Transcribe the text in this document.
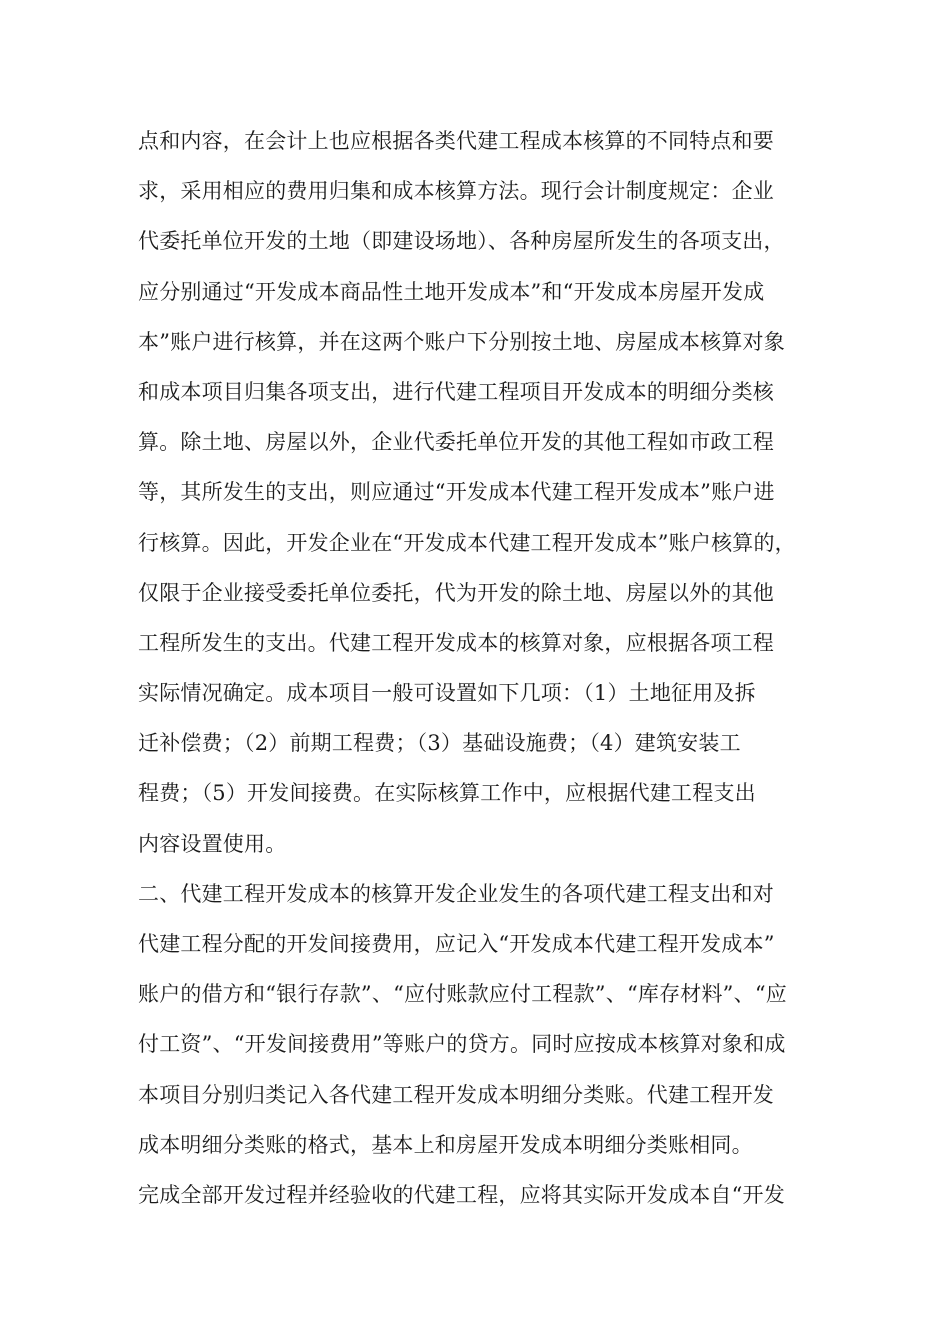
点和内容，在会计上也应根据各类代建工程成本核算的不同特点和要
求，采用相应的费用归集和成本核算方法。现行会计制度规定：企业
代委托单位开发的土地（即建设场地）、各种房屋所发生的各项支出，
应分别通过“开发成本商品性土地开发成本”和“开发成本房屋开发成
本”账户进行核算，并在这两个账户下分别按土地、房屋成本核算对象
和成本项目归集各项支出，进行代建工程项目开发成本的明细分类核
算。除土地、房屋以外，企业代委托单位开发的其他工程如市政工程
等，其所发生的支出，则应通过“开发成本代建工程开发成本”账户进
行核算。因此，开发企业在“开发成本代建工程开发成本”账户核算的，
仅限于企业接受委托单位委托，代为开发的除土地、房屋以外的其他
工程所发生的支出。代建工程开发成本的核算对象，应根据各项工程
实际情况确定。成本项目一般可设置如下几项：（1）土地征用及拆
迁补偿费；（2）前期工程费；（3）基础设施费；（4）建筑安装工
程费；（5）开发间接费。在实际核算工作中，应根据代建工程支出
内容设置使用。
二、代建工程开发成本的核算开发企业发生的各项代建工程支出和对
代建工程分配的开发间接费用，应记入“开发成本代建工程开发成本”
账户的借方和“银行存款”、“应付账款应付工程款”、“库存材料”、“应
付工资”、“开发间接费用”等账户的贷方。同时应按成本核算对象和成
本项目分别归类记入各代建工程开发成本明细分类账。代建工程开发
成本明细分类账的格式，基本上和房屋开发成本明细分类账相同。
完成全部开发过程并经验收的代建工程，应将其实际开发成本自“开发
